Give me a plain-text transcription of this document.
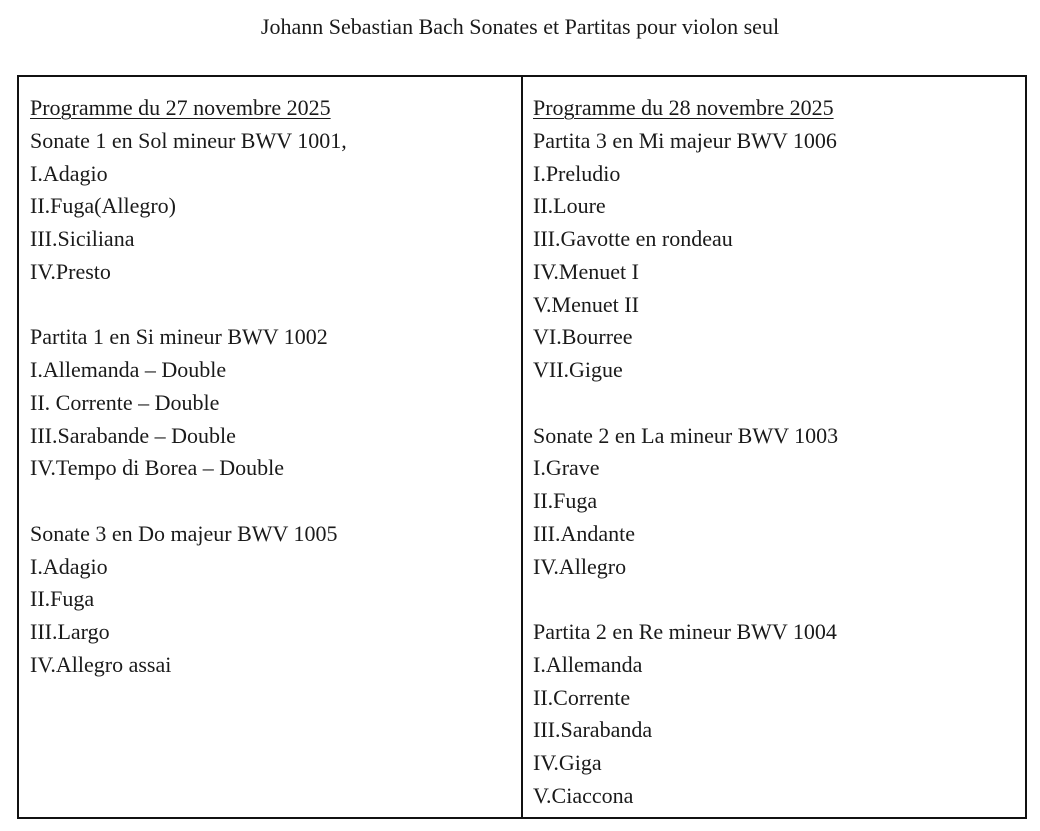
Johann Sebastian Bach Sonates et Partitas pour violon seul
Programme du 27 novembre 2025
Sonate 1 en Sol mineur BWV 1001,
I.Adagio
II.Fuga(Allegro)
III.Siciliana
IV.Presto
Partita 1 en Si mineur BWV 1002
I.Allemanda – Double
II. Corrente – Double
III.Sarabande – Double
IV.Tempo di Borea – Double
Sonate 3 en Do majeur BWV 1005
I.Adagio
II.Fuga
III.Largo
IV.Allegro assai
Programme du 28 novembre 2025
Partita 3 en Mi majeur BWV 1006
I.Preludio
II.Loure
III.Gavotte en rondeau
IV.Menuet I
V.Menuet II
VI.Bourree
VII.Gigue
Sonate 2 en La mineur BWV 1003
I.Grave
II.Fuga
III.Andante
IV.Allegro
Partita 2 en Re mineur BWV 1004
I.Allemanda
II.Corrente
III.Sarabanda
IV.Giga
V.Ciaccona
